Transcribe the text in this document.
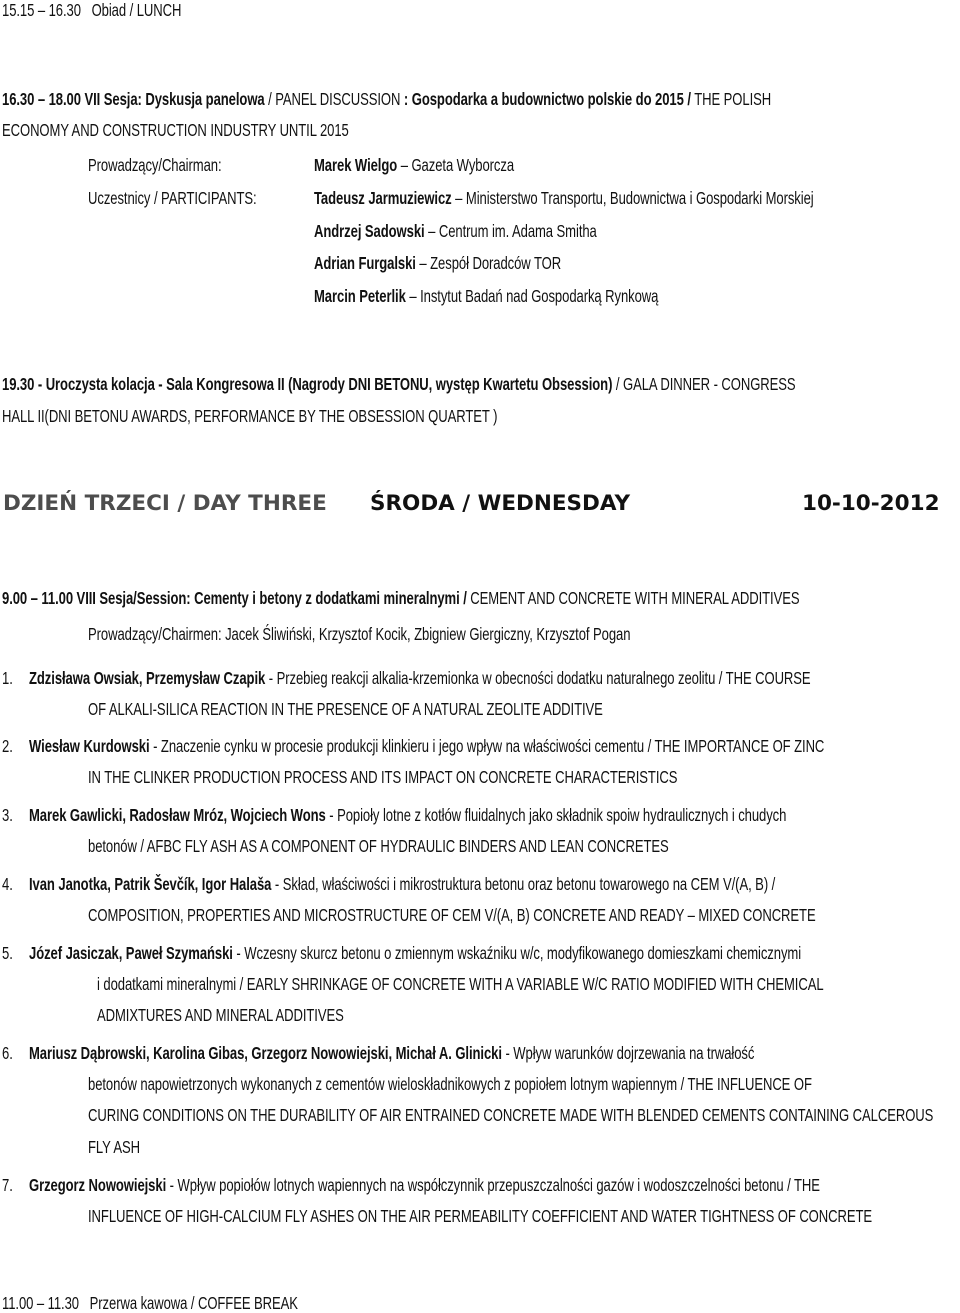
15.15 – 16.30 Obiad / LUNCH
16.30 – 18.00 VII Sesja: Dyskusja panelowa / PANEL DISCUSSION : Gospodarka a budownictwo polskie do 2015 / THE POLISH
ECONOMY AND CONSTRUCTION INDUSTRY UNTIL 2015
Prowadzący/Chairman:	Marek Wielgo – Gazeta Wyborcza
Uczestnicy / PARTICIPANTS:	Tadeusz Jarmuziewicz – Ministerstwo Transportu, Budownictwa i Gospodarki Morskiej
Andrzej Sadowski – Centrum im. Adama Smitha
Adrian Furgalski – Zespół Doradców TOR
Marcin Peterlik – Instytut Badań nad Gospodarką Rynkową
19.30 - Uroczysta kolacja - Sala Kongresowa II (Nagrody DNI BETONU, występ Kwartetu Obsession) / GALA DINNER - CONGRESS
HALL II(DNI BETONU AWARDS, PERFORMANCE BY THE OBSESSION QUARTET )
DZIEŃ TRZECI / DAY THREE ŚRODA / WEDNESDAY	10-10-2012
9.00 – 11.00 VIII Sesja/Session: Cementy i betony z dodatkami mineralnymi / CEMENT AND CONCRETE WITH MINERAL ADDITIVES
Prowadzący/Chairmen: Jacek Śliwiński, Krzysztof Kocik, Zbigniew Giergiczny, Krzysztof Pogan
1. Zdzisława Owsiak, Przemysław Czapik - Przebieg reakcji alkalia-krzemionka w obecności dodatku naturalnego zeolitu / THE COURSE
OF ALKALI-SILICA REACTION IN THE PRESENCE OF A NATURAL ZEOLITE ADDITIVE
2. Wiesław Kurdowski - Znaczenie cynku w procesie produkcji klinkieru i jego wpływ na właściwości cementu / THE IMPORTANCE OF ZINC
IN THE CLINKER PRODUCTION PROCESS AND ITS IMPACT ON CONCRETE CHARACTERISTICS
3. Marek Gawlicki, Radosław Mróz, Wojciech Wons - Popioły lotne z kotłów fluidalnych jako składnik spoiw hydraulicznych i chudych
betonów / AFBC FLY ASH AS A COMPONENT OF HYDRAULIC BINDERS AND LEAN CONCRETES
4. Ivan Janotka, Patrik Ševčík, Igor Halaša - Skład, właściwości i mikrostruktura betonu oraz betonu towarowego na CEM V/(A, B) /
COMPOSITION, PROPERTIES AND MICROSTRUCTURE OF CEM V/(A, B) CONCRETE AND READY – MIXED CONCRETE
5. Józef Jasiczak, Paweł Szymański - Wczesny skurcz betonu o zmiennym wskaźniku w/c, modyfikowanego domieszkami chemicznymi
i dodatkami mineralnymi / EARLY SHRINKAGE OF CONCRETE WITH A VARIABLE W/C RATIO MODIFIED WITH CHEMICAL
ADMIXTURES AND MINERAL ADDITIVES
6. Mariusz Dąbrowski, Karolina Gibas, Grzegorz Nowowiejski, Michał A. Glinicki - Wpływ warunków dojrzewania na trwałość
betonów napowietrzonych wykonanych z cementów wieloskładnikowych z popiołem lotnym wapiennym / THE INFLUENCE OF
CURING CONDITIONS ON THE DURABILITY OF AIR ENTRAINED CONCRETE MADE WITH BLENDED CEMENTS CONTAINING CALCEROUS
FLY ASH
7. Grzegorz Nowowiejski - Wpływ popiołów lotnych wapiennych na współczynnik przepuszczalności gazów i wodoszczelności betonu / THE
INFLUENCE OF HIGH-CALCIUM FLY ASHES ON THE AIR PERMEABILITY COEFFICIENT AND WATER TIGHTNESS OF CONCRETE
11.00 – 11.30 Przerwa kawowa / COFFEE BREAK
